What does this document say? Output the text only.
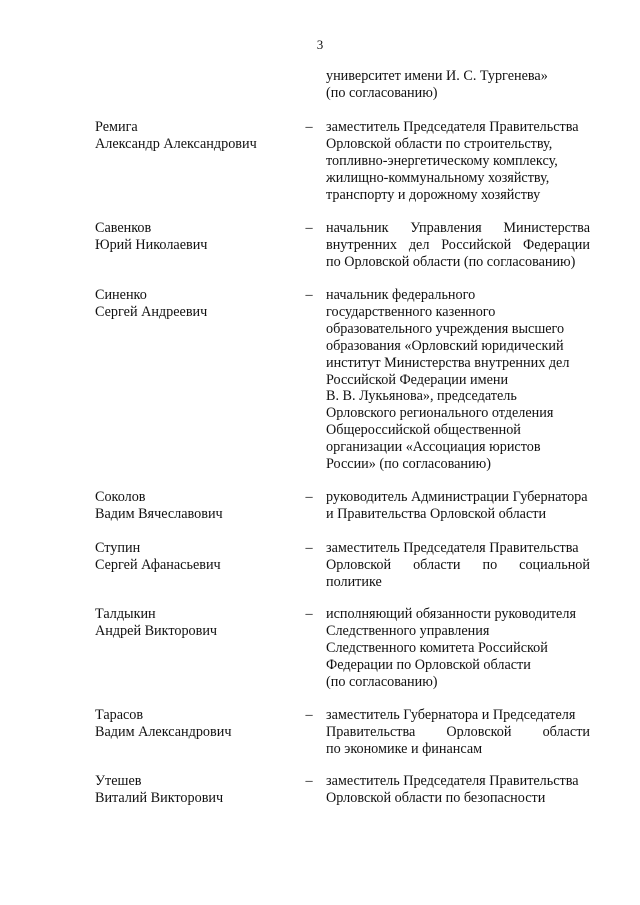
3
университет имени И. С. Тургенева»
(по согласованию)
Ремига
Александр Александрович
– заместитель Председателя Правительства
Орловской области по строительству,
топливно-энергетическому комплексу,
жилищно-коммунальному хозяйству,
транспорту и дорожному хозяйству
Савенков
Юрий Николаевич
– начальник Управления Министерства
внутренних дел Российской Федерации
по Орловской области (по согласованию)
Синенко
Сергей Андреевич
– начальник федерального
государственного казенного
образовательного учреждения высшего
образования «Орловский юридический
институт Министерства внутренних дел
Российской Федерации имени
В. В. Лукьянова», председатель
Орловского регионального отделения
Общероссийской общественной
организации «Ассоциация юристов
России» (по согласованию)
Соколов
Вадим Вячеславович
– руководитель Администрации Губернатора
и Правительства Орловской области
Ступин
Сергей Афанасьевич
– заместитель Председателя Правительства
Орловской области по социальной
политике
Талдыкин
Андрей Викторович
– исполняющий обязанности руководителя
Следственного управления
Следственного комитета Российской
Федерации по Орловской области
(по согласованию)
Тарасов
Вадим Александрович
– заместитель Губернатора и Председателя
Правительства Орловской области
по экономике и финансам
Утешев
Виталий Викторович
– заместитель Председателя Правительства
Орловской области по безопасности
